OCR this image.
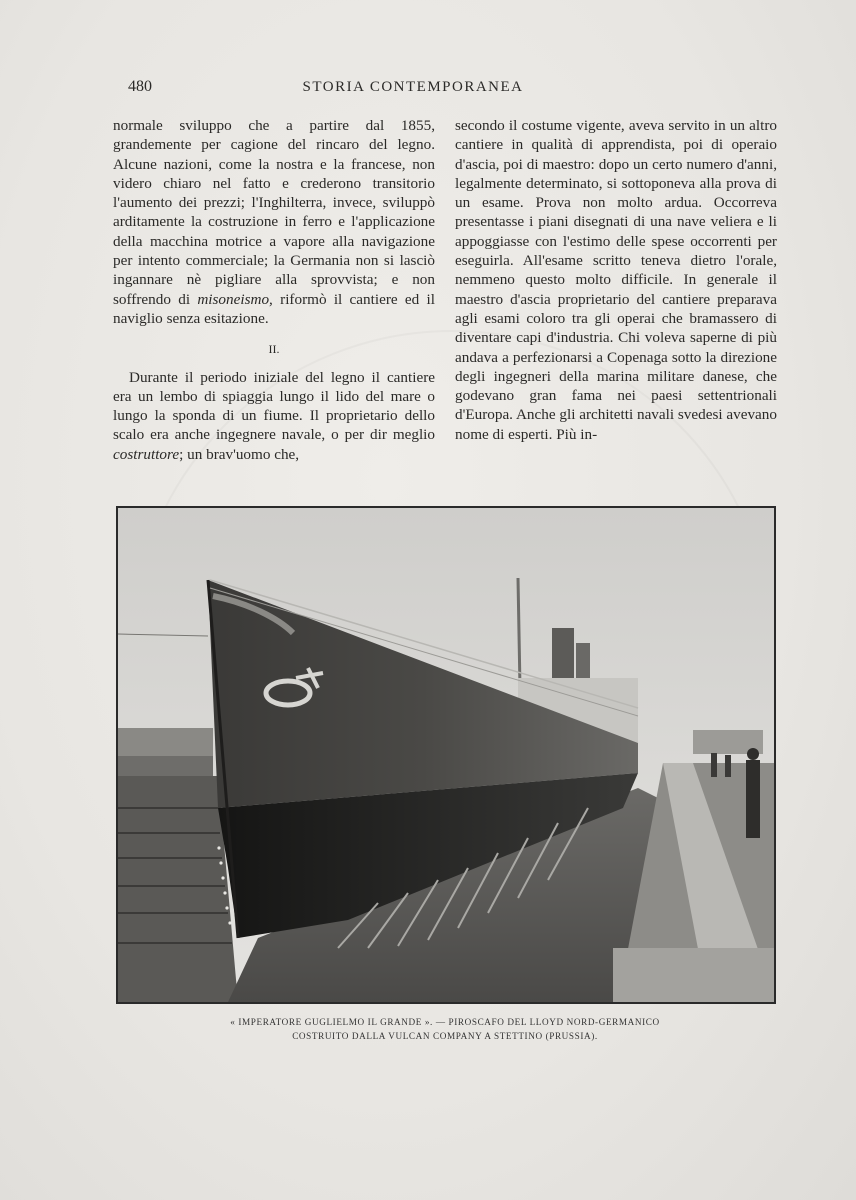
480	STORIA CONTEMPORANEA

normale sviluppo che a partire dal 1855, grandemente per cagione del rincaro del legno. Alcune nazioni, come la nostra e la francese, non videro chiaro nel fatto e crederono transitorio l'aumento dei prezzi; l'Inghilterra, invece, sviluppò arditamente la costruzione in ferro e l'applicazione della macchina motrice a vapore alla navigazione per intento commerciale; la Germania non si lasciò ingannare nè pigliare alla sprovvista; e non soffrendo di misoneismo, riformò il cantiere ed il naviglio senza esitazione.

II.

Durante il periodo iniziale del legno il cantiere era un lembo di spiaggia lungo il lido del mare o lungo la sponda di un fiume. Il proprietario dello scalo era anche ingegnere navale, o per dir meglio costruttore; un brav'uomo che,

secondo il costume vigente, aveva servito in un altro cantiere in qualità di apprendista, poi di operaio d'ascia, poi di maestro: dopo un certo numero d'anni, legalmente determinato, si sottoponeva alla prova di un esame. Prova non molto ardua. Occorreva presentasse i piani disegnati di una nave veliera e li appoggiasse con l'estimo delle spese occorrenti per eseguirla. All'esame scritto teneva dietro l'orale, nemmeno questo molto difficile. In generale il maestro d'ascia proprietario del cantiere preparava agli esami coloro tra gli operai che bramassero di diventare capi d'industria. Chi voleva saperne di più andava a perfezionarsi a Copenaga sotto la direzione degli ingegneri della marina militare danese, che godevano gran fama nei paesi settentrionali d'Europa. Anche gli architetti navali svedesi avevano nome di esperti. Più in-

« IMPERATORE GUGLIELMO IL GRANDE ». — PIROSCAFO DEL LLOYD NORD-GERMANICO
COSTRUITO DALLA VULCAN COMPANY A STETTINO (PRUSSIA).
